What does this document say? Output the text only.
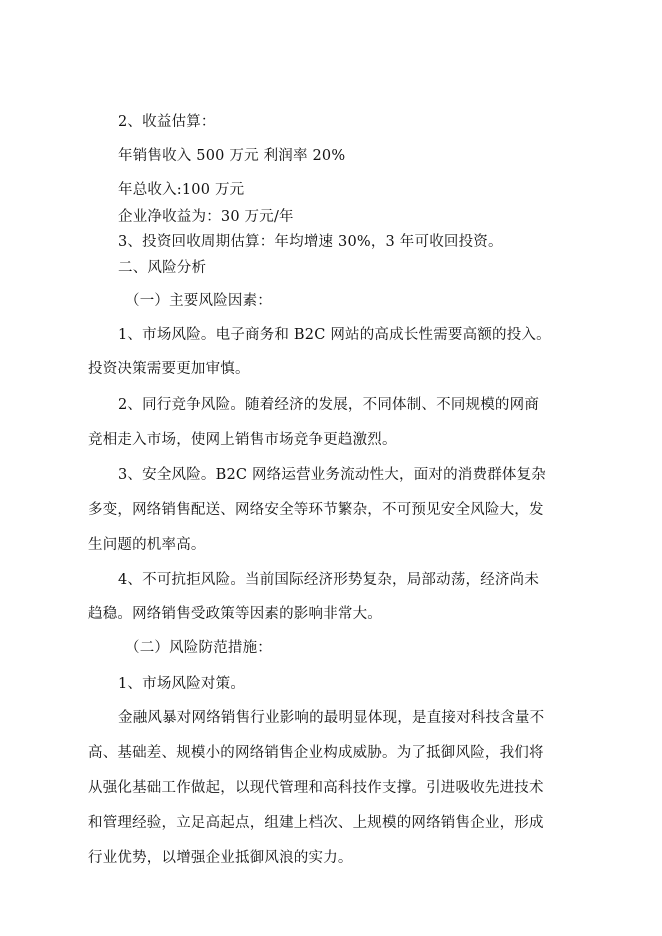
2、收益估算：
年销售收入 500 万元 利润率 20%
年总收入:100 万元
企业净收益为：30 万元/年
3、投资回收周期估算：年均增速 30%，3 年可收回投资。
二、风险分析
（一）主要风险因素：
1、市场风险。电子商务和 B2C 网站的高成长性需要高额的投入。
投资决策需要更加审慎。
2、同行竞争风险。随着经济的发展，不同体制、不同规模的网商
竞相走入市场，使网上销售市场竞争更趋激烈。
3、安全风险。B2C 网络运营业务流动性大，面对的消费群体复杂
多变，网络销售配送、网络安全等环节繁杂，不可预见安全风险大，发
生问题的机率高。
4、不可抗拒风险。当前国际经济形势复杂，局部动荡，经济尚未
趋稳。网络销售受政策等因素的影响非常大。
（二）风险防范措施：
1、市场风险对策。
金融风暴对网络销售行业影响的最明显体现，是直接对科技含量不
高、基础差、规模小的网络销售企业构成威胁。为了抵御风险，我们将
从强化基础工作做起，以现代管理和高科技作支撑。引进吸收先进技术
和管理经验，立足高起点，组建上档次、上规模的网络销售企业，形成
行业优势，以增强企业抵御风浪的实力。
